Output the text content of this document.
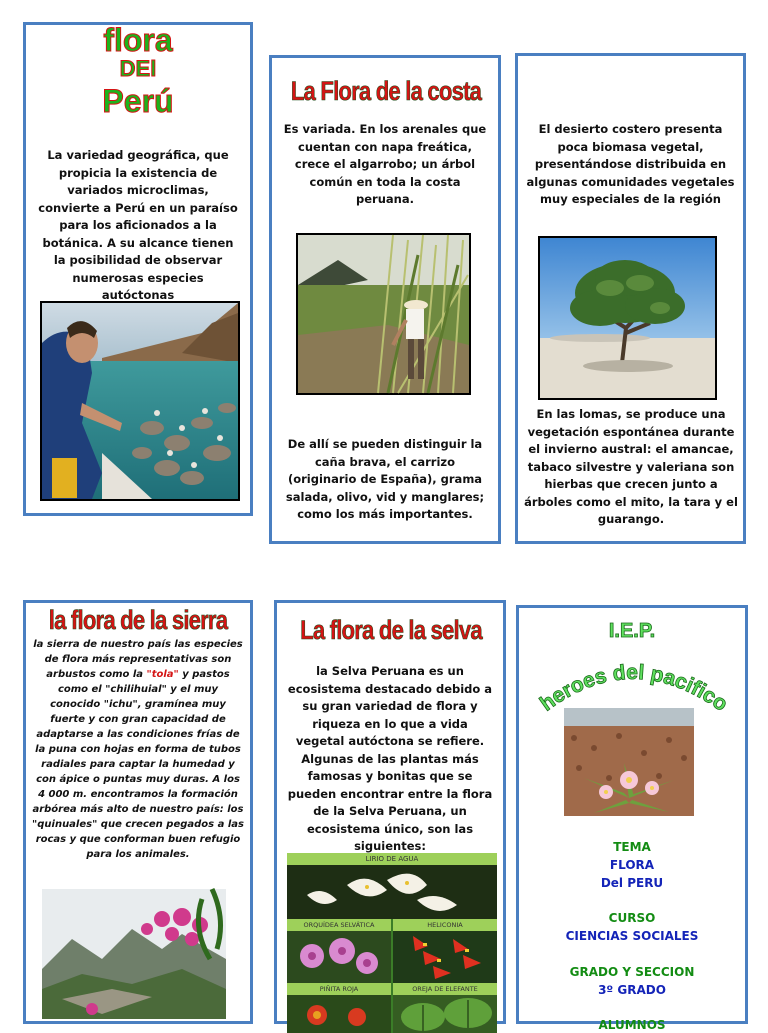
flora
DEl
Perú
La variedad geográfica, que propicia la existencia de variados microclimas, convierte a Perú en un paraíso para los aficionados a la botánica. A su alcance tienen la posibilidad de observar numerosas especies autóctonas
La Flora de la costa
Es variada. En los arenales que cuentan con napa freática, crece el algarrobo; un árbol común en toda la costa peruana.
De allí se pueden distinguir la caña brava, el carrizo (originario de España), grama salada, olivo, vid y manglares; como los más importantes.
El desierto costero presenta poca biomasa vegetal, presentándose distribuida en algunas comunidades vegetales muy especiales de la región
En las lomas, se produce una vegetación espontánea durante el invierno austral: el amancae, tabaco silvestre y valeriana son hierbas que crecen junto a árboles como el mito, la tara y el guarango.
la flora de la sierra
la sierra de nuestro país las especies de flora más representativas son arbustos como la "tola" y pastos como el "chilihuial" y el muy conocido "ichu", gramínea muy fuerte y con gran capacidad de adaptarse a las condiciones frías de la puna con hojas en forma de tubos radiales para captar la humedad y con ápice o puntas muy duras. A los 4 000 m. encontramos la formación arbórea más alto de nuestro país: los "quinuales" que crecen pegados a las rocas y que conforman buen refugio para los animales.
La flora de la selva
la Selva Peruana es un ecosistema destacado debido a su gran variedad de flora y riqueza en lo que a vida vegetal autóctona se refiere. Algunas de las plantas más famosas y bonitas que se pueden encontrar entre la flora de la Selva Peruana, un ecosistema único, son las siguientes:
LIRIO DE AGUA
ORQUÍDEA SELVÁTICA	HELICONIA
PIÑITA ROJA	OREJA DE ELEFANTE
I.E.P.
heroes del pacifico
TEMA
FLORA
Del PERU
CURSO
CIENCIAS SOCIALES
GRADO Y SECCION
3º GRADO
ALUMNOS
